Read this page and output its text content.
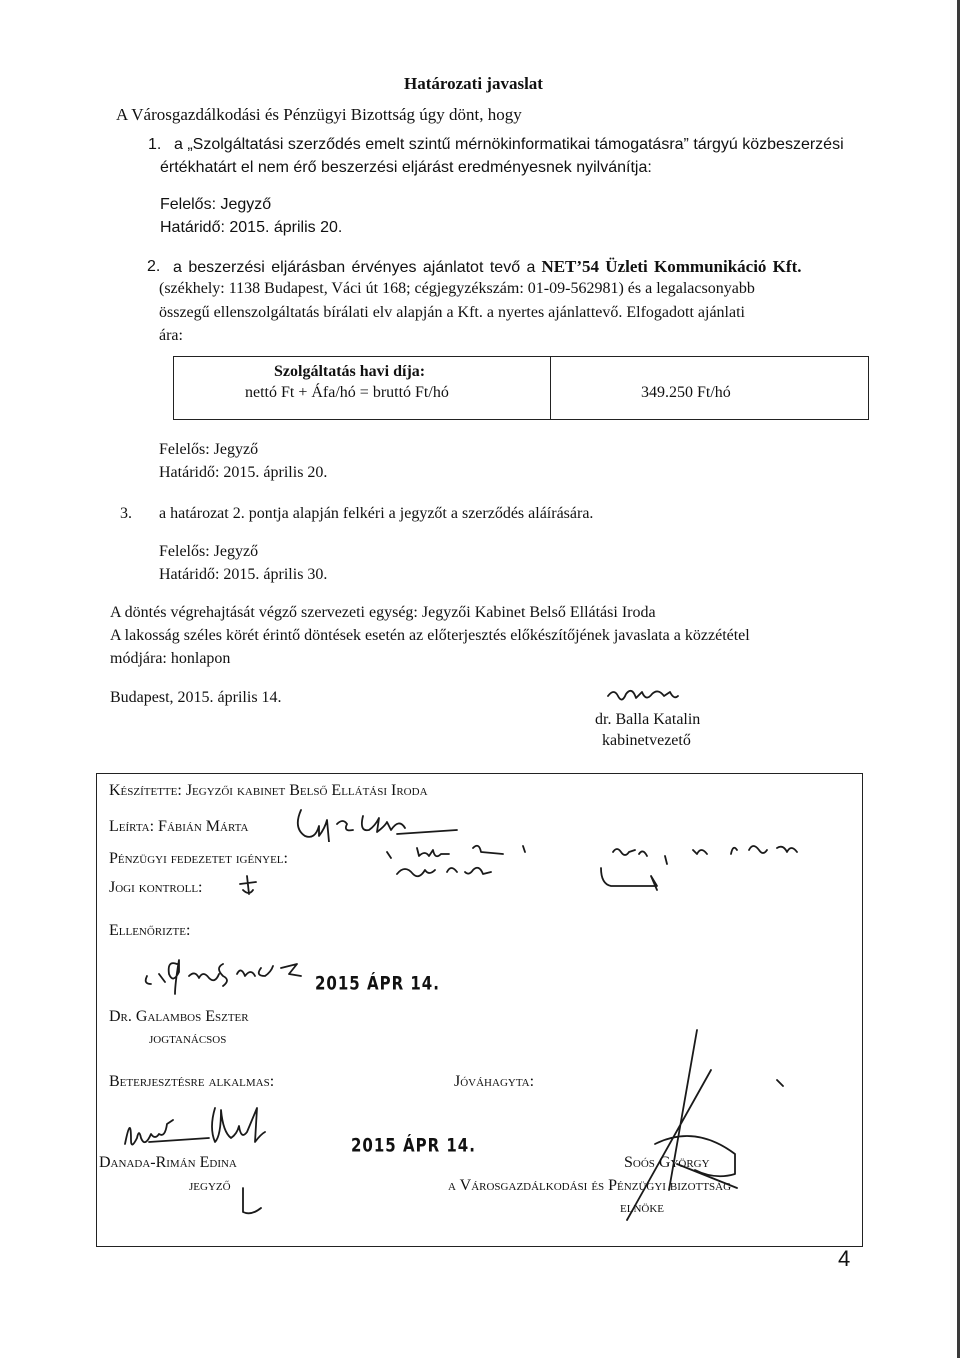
Határozati javaslat
A Városgazdálkodási és Pénzügyi Bizottság úgy dönt, hogy
1. a „Szolgáltatási szerződés emelt szintű mérnökinformatikai támogatásra” tárgyú közbeszerzési
értékhatárt el nem érő beszerzési eljárást eredményesnek nyilvánítja:
Felelős: Jegyző
Határidő: 2015. április 20.
2. a beszerzési eljárásban érvényes ajánlatot tevő a NET’54 Üzleti Kommunikáció Kft.
(székhely: 1138 Budapest, Váci út 168; cégjegyzékszám: 01-09-562981) és a legalacsonyabb
összegű ellenszolgáltatás bírálati elv alapján a Kft. a nyertes ajánlattevő. Elfogadott ajánlati
ára:
Szolgáltatás havi díja:
nettó Ft + Áfa/hó = bruttó Ft/hó	349.250 Ft/hó
Felelős: Jegyző
Határidő: 2015. április 20.
3. a határozat 2. pontja alapján felkéri a jegyzőt a szerződés aláírására.
Felelős: Jegyző
Határidő: 2015. április 30.
A döntés végrehajtását végző szervezeti egység: Jegyzői Kabinet Belső Ellátási Iroda
A lakosság széles körét érintő döntések esetén az előterjesztés előkészítőjének javaslata a közzététel
módjára: honlapon
Budapest, 2015. április 14.
dr. Balla Katalin
kabinetvezető
Készítette: Jegyzői kabinet Belső Ellátási Iroda
Leírta: Fábián Márta
Pénzügyi fedezetet igényel:
Jogi kontroll:
Ellenőrizte:
2015 ÁPR 14.
Dr. Galambos Eszter
jogtanácsos
Beterjesztésre alkalmas:	Jóváhagyta:
2015 ÁPR 14.
Danada-Rimán Edina
jegyző
Soós György
a Városgazdálkodási és Pénzügyi bizottság
elnöke
4
